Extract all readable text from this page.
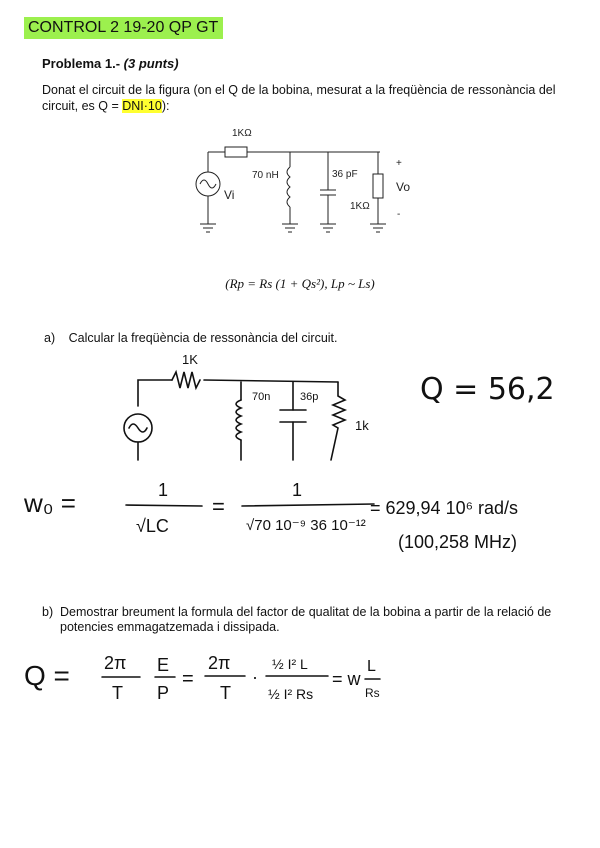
CONTROL 2 19-20 QP GT
Problema 1.- (3 punts)
Donat el circuit de la figura (on el Q de la bobina, mesurat a la freqüència de ressonància del circuit, es Q = DNI·10):
1KΩ
70 nH	36 pF
1KΩ
Vi
Vo
+
-
(Rp = Rs (1 + Qs²), Lp ~ Ls)
a) Calcular la freqüència de ressonància del circuit.
1K
70n	36p
1k
Q = 56,2
w₀ =	1
√LC
=
1
√70 10⁻⁹ 36 10⁻¹²
= 629,94 10⁶ rad/s
(100,258 MHz)
b) Demostrar breument la formula del factor de qualitat de la bobina a partir de la relació de potencies emmagatzemada i dissipada.
Q = 2π
T
E
P
=
2π
T
·
½ I² L
½ I² Rs
= w
L
Rs
